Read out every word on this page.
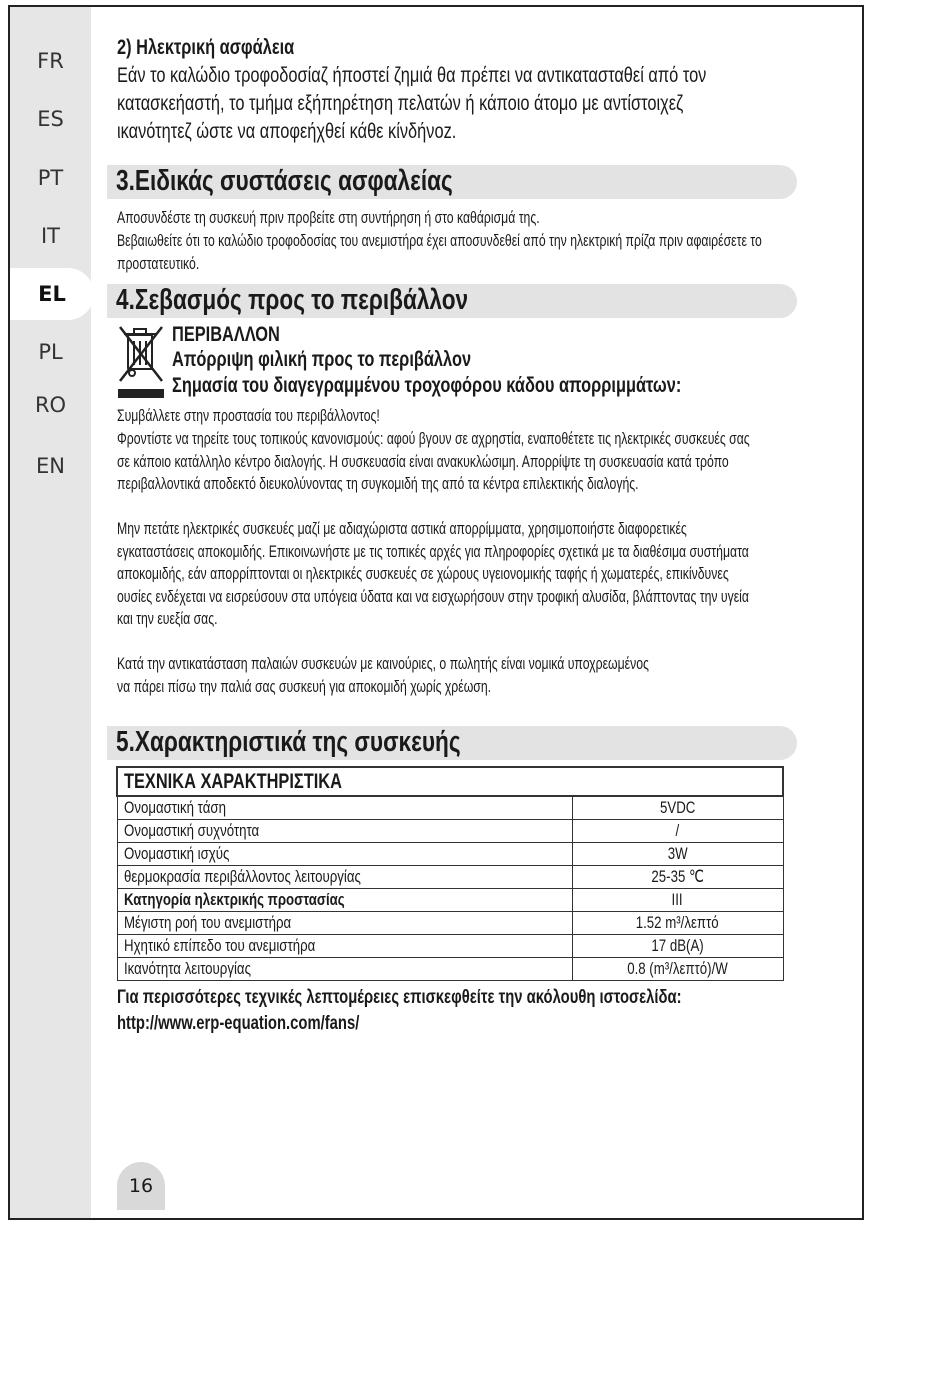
FR
ES
PT
IT
EL
PL
RO
EN
2) Ηλεκτρική ασφάλεια
Εάν το καλώδιο τροφοδοσίαζ ήποστεί ζημιά θα πρέπει να αντικατασταθεί από τον
κατασκεήαστή, το τμήμα εξήπηρέτηση πελατών ή κάποιο άτομο με αντίστοιχεζ
ικανότητεζ ώστε να αποφεήχθεί κάθε κίνδήνοz.
3.Ειδικάς συστάσεις ασφαλείας
Αποσυνδέστε τη συσκευή πριν προβείτε στη συντήρηση ή στο καθάρισμά της.
Βεβαιωθείτε ότι το καλώδιο τροφοδοσίας του ανεμιστήρα έχει αποσυνδεθεί από την ηλεκτρική πρίζα πριν αφαιρέσετε το
προστατευτικό.
4.Σεβασμός προς το περιβάλλον
ΠΕΡΙΒΑΛΛΟΝ
Απόρριψη φιλική προς το περιβάλλον
Σημασία του διαγεγραμμένου τροχοφόρου κάδου απορριμμάτων:
Συμβάλλετε στην προστασία του περιβάλλοντος!
Φροντίστε να τηρείτε τους τοπικούς κανονισμούς: αφού βγουν σε αχρηστία, εναποθέτετε τις ηλεκτρικές συσκευές σας
σε κάποιο κατάλληλο κέντρο διαλογής. Η συσκευασία είναι ανακυκλώσιμη. Απορρίψτε τη συσκευασία κατά τρόπο
περιβαλλοντικά αποδεκτό διευκολύνοντας τη συγκομιδή της από τα κέντρα επιλεκτικής διαλογής.
Μην πετάτε ηλεκτρικές συσκευές μαζί με αδιαχώριστα αστικά απορρίμματα, χρησιμοποιήστε διαφορετικές
εγκαταστάσεις αποκομιδής. Επικοινωνήστε με τις τοπικές αρχές για πληροφορίες σχετικά με τα διαθέσιμα συστήματα
αποκομιδής, εάν απορρίπτονται οι ηλεκτρικές συσκευές σε χώρους υγειονομικής ταφής ή χωματερές, επικίνδυνες
ουσίες ενδέχεται να εισρεύσουν στα υπόγεια ύδατα και να εισχωρήσουν στην τροφική αλυσίδα, βλάπτοντας την υγεία
και την ευεξία σας.
Κατά την αντικατάσταση παλαιών συσκευών με καινούριες, ο πωλητής είναι νομικά υποχρεωμένος
να πάρει πίσω την παλιά σας συσκευή για αποκομιδή χωρίς χρέωση.
5.Χαρακτηριστικά της συσκευής
ΤΕΧΝΙΚΑ ΧΑΡΑΚΤΗΡΙΣΤΙΚΑ	
Ονομαστική τάση	5VDC
Ονομαστική συχνότητα	/
Ονομαστική ισχύς	3W
θερμοκρασία περιβάλλοντος λειτουργίας	25-35 ℃
Κατηγορία ηλεκτρικής προστασίας	III
Μέγιστη ροή του ανεμιστήρα	1.52 m³/λεπτό
Ηχητικό επίπεδο του ανεμιστήρα	17 dB(A)
Ικανότητα λειτουργίας	0.8 (m³/λεπτό)/W
Για περισσότερες τεχνικές λεπτομέρειες επισκεφθείτε την ακόλουθη ιστοσελίδα:
http://www.erp-equation.com/fans/
16
